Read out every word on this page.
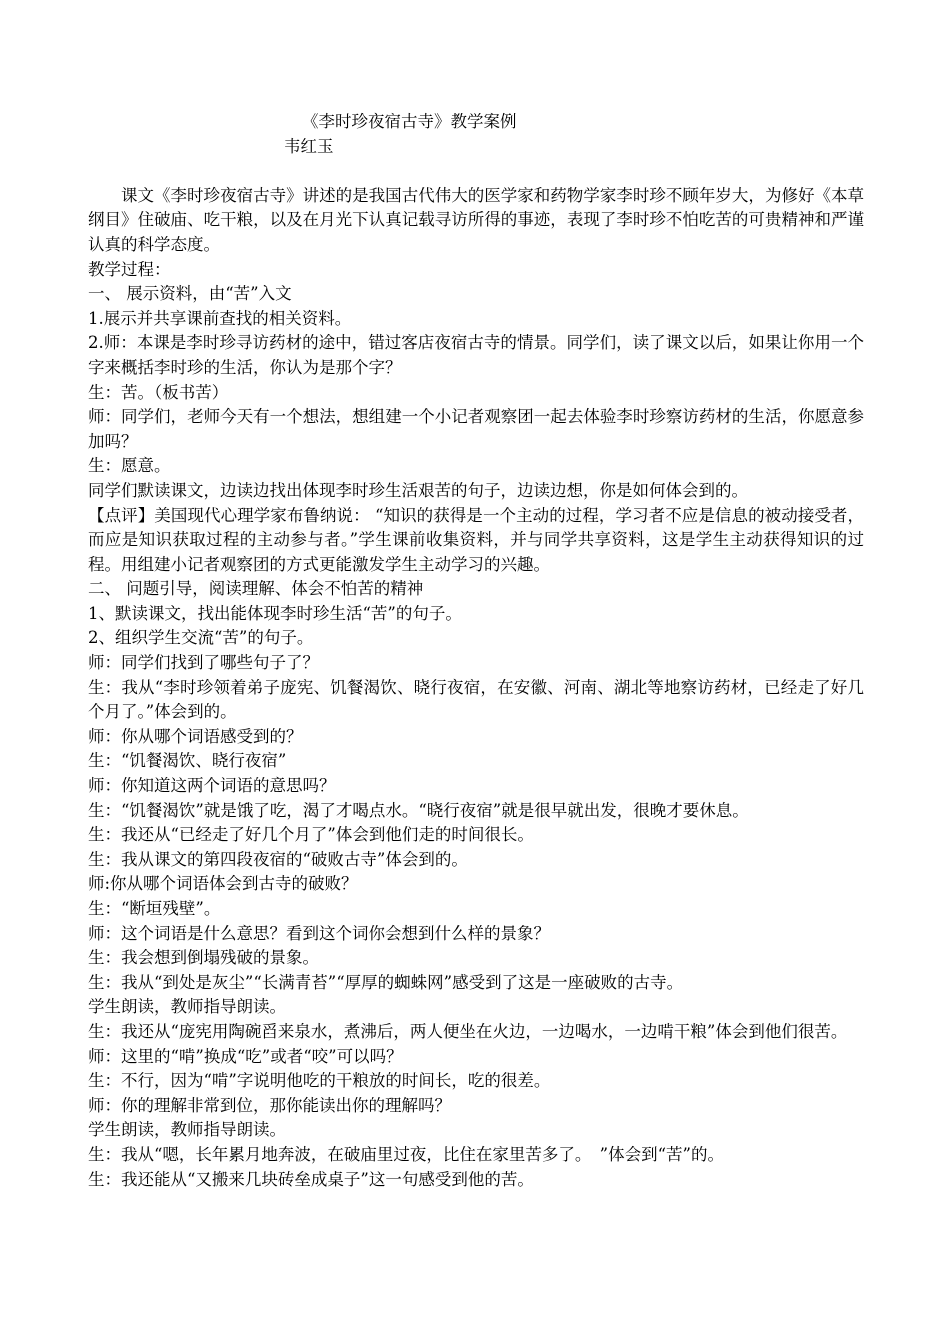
《李时珍夜宿古寺》教学案例
韦红玉

课文《李时珍夜宿古寺》讲述的是我国古代伟大的医学家和药物学家李时珍不顾年岁大，为修好《本草纲目》住破庙、吃干粮，以及在月光下认真记载寻访所得的事迹，表现了李时珍不怕吃苦的可贵精神和严谨认真的科学态度。

教学过程：

一、 展示资料，由“苦”入文

1.展示并共享课前查找的相关资料。

2.师：本课是李时珍寻访药材的途中，错过客店夜宿古寺的情景。同学们，读了课文以后，如果让你用一个字来概括李时珍的生活，你认为是那个字？

生：苦。（板书苦）

师：同学们，老师今天有一个想法，想组建一个小记者观察团一起去体验李时珍察访药材的生活，你愿意参加吗？

生：愿意。

同学们默读课文，边读边找出体现李时珍生活艰苦的句子，边读边想，你是如何体会到的。

【点评】美国现代心理学家布鲁纳说： “知识的获得是一个主动的过程，学习者不应是信息的被动接受者，而应是知识获取过程的主动参与者。”学生课前收集资料，并与同学共享资料，这是学生主动获得知识的过程。用组建小记者观察团的方式更能激发学生主动学习的兴趣。

二、 问题引导，阅读理解、体会不怕苦的精神

1、默读课文，找出能体现李时珍生活“苦”的句子。

2、组织学生交流“苦”的句子。

师：同学们找到了哪些句子了？

生：我从“李时珍领着弟子庞宪、饥餐渴饮、晓行夜宿，在安徽、河南、湖北等地察访药材，已经走了好几个月了。”体会到的。

师：你从哪个词语感受到的？

生：“饥餐渴饮、晓行夜宿”

师：你知道这两个词语的意思吗？

生：“饥餐渴饮”就是饿了吃，渴了才喝点水。“晓行夜宿”就是很早就出发，很晚才要休息。

生：我还从“已经走了好几个月了”体会到他们走的时间很长。

生：我从课文的第四段夜宿的“破败古寺”体会到的。

师:你从哪个词语体会到古寺的破败？

生：“断垣残壁”。

师：这个词语是什么意思？看到这个词你会想到什么样的景象？

生：我会想到倒塌残破的景象。

生：我从“到处是灰尘”“长满青苔”“厚厚的蜘蛛网”感受到了这是一座破败的古寺。

学生朗读，教师指导朗读。

生：我还从“庞宪用陶碗舀来泉水，煮沸后，两人便坐在火边，一边喝水，一边啃干粮”体会到他们很苦。

师：这里的“啃”换成“吃”或者“咬”可以吗？

生：不行，因为“啃”字说明他吃的干粮放的时间长，吃的很差。

师：你的理解非常到位，那你能读出你的理解吗？

学生朗读，教师指导朗读。

生：我从“嗯，长年累月地奔波，在破庙里过夜，比住在家里苦多了。　”体会到“苦”的。

生：我还能从“又搬来几块砖垒成桌子”这一句感受到他的苦。
